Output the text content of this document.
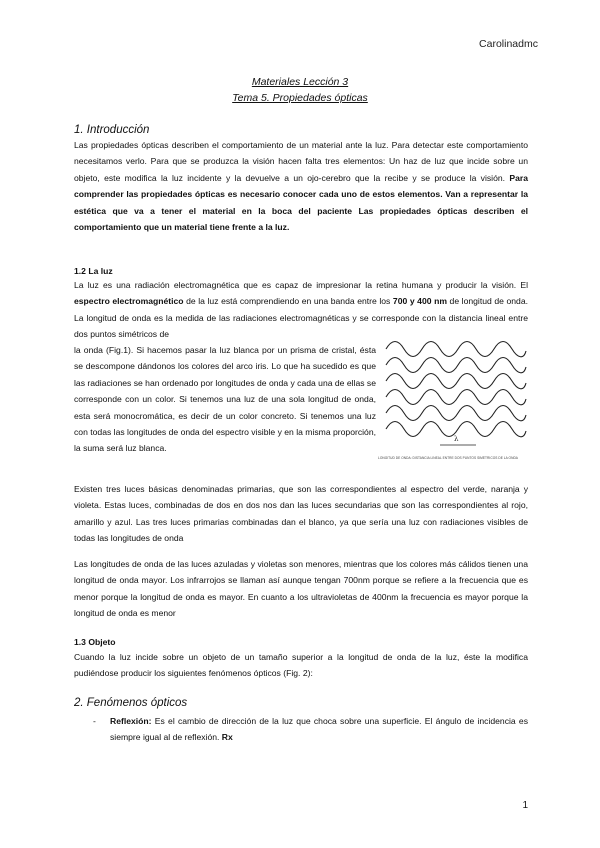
Carolinadmc
Materiales Lección 3
Tema 5. Propiedades ópticas
1. Introducción

Las propiedades ópticas describen el comportamiento de un material ante la luz. Para detectar este comportamiento necesitamos verlo. Para que se produzca la visión hacen falta tres elementos: Un haz de luz que incide sobre un objeto, este modifica la luz incidente y la devuelve a un ojo-cerebro que la recibe y se produce la visión. Para comprender las propiedades ópticas es necesario conocer cada uno de estos elementos. Van a representar la estética que va a tener el material en la boca del paciente Las propiedades ópticas describen el comportamiento que un material tiene frente a la luz.

1.2 La luz

La luz es una radiación electromagnética que es capaz de impresionar la retina humana y producir la visión. El espectro electromagnético de la luz está comprendiendo en una banda entre los 700 y 400 nm de longitud de onda. La longitud de onda es la medida de las radiaciones electromagnéticas y se corresponde con la distancia lineal entre dos puntos simétricos de

la onda (Fig.1). Si hacemos pasar la luz blanca por un prisma de cristal, ésta se descompone dándonos los colores del arco iris. Lo que ha sucedido es que las radiaciones se han ordenado por longitudes de onda y cada una de ellas se corresponde con un color. Si tenemos una luz de una sola longitud de onda, esta será monocromática, es decir de un color concreto. Si tenemos una luz con todas las longitudes de onda del espectro visible y en la misma proporción, la suma será luz blanca.

λ
LONGITUD DE ONDA: DISTANCIA LINEAL ENTRE DOS PUNTOS SIMÉTRICOS DE LA ONDA

Existen tres luces básicas denominadas primarias, que son las correspondientes al espectro del verde, naranja y violeta. Estas luces, combinadas de dos en dos nos dan las luces secundarias que son las correspondientes al rojo, amarillo y azul. Las tres luces primarias combinadas dan el blanco, ya que sería una luz con radiaciones visibles de todas las longitudes de onda

Las longitudes de onda de las luces azuladas y violetas son menores, mientras que los colores más cálidos tienen una longitud de onda mayor. Los infrarrojos se llaman así aunque tengan 700nm porque se refiere a la frecuencia que es menor porque la longitud de onda es mayor. En cuanto a los ultravioletas de 400nm la frecuencia es mayor porque la longitud de onda es menor

1.3 Objeto

Cuando la luz incide sobre un objeto de un tamaño superior a la longitud de onda de la luz, éste la modifica pudiéndose producir los siguientes fenómenos ópticos (Fig. 2):

2. Fenómenos ópticos
- Reflexión: Es el cambio de dirección de la luz que choca sobre una superficie. El ángulo de incidencia es siempre igual al de reflexión. Rx

1
